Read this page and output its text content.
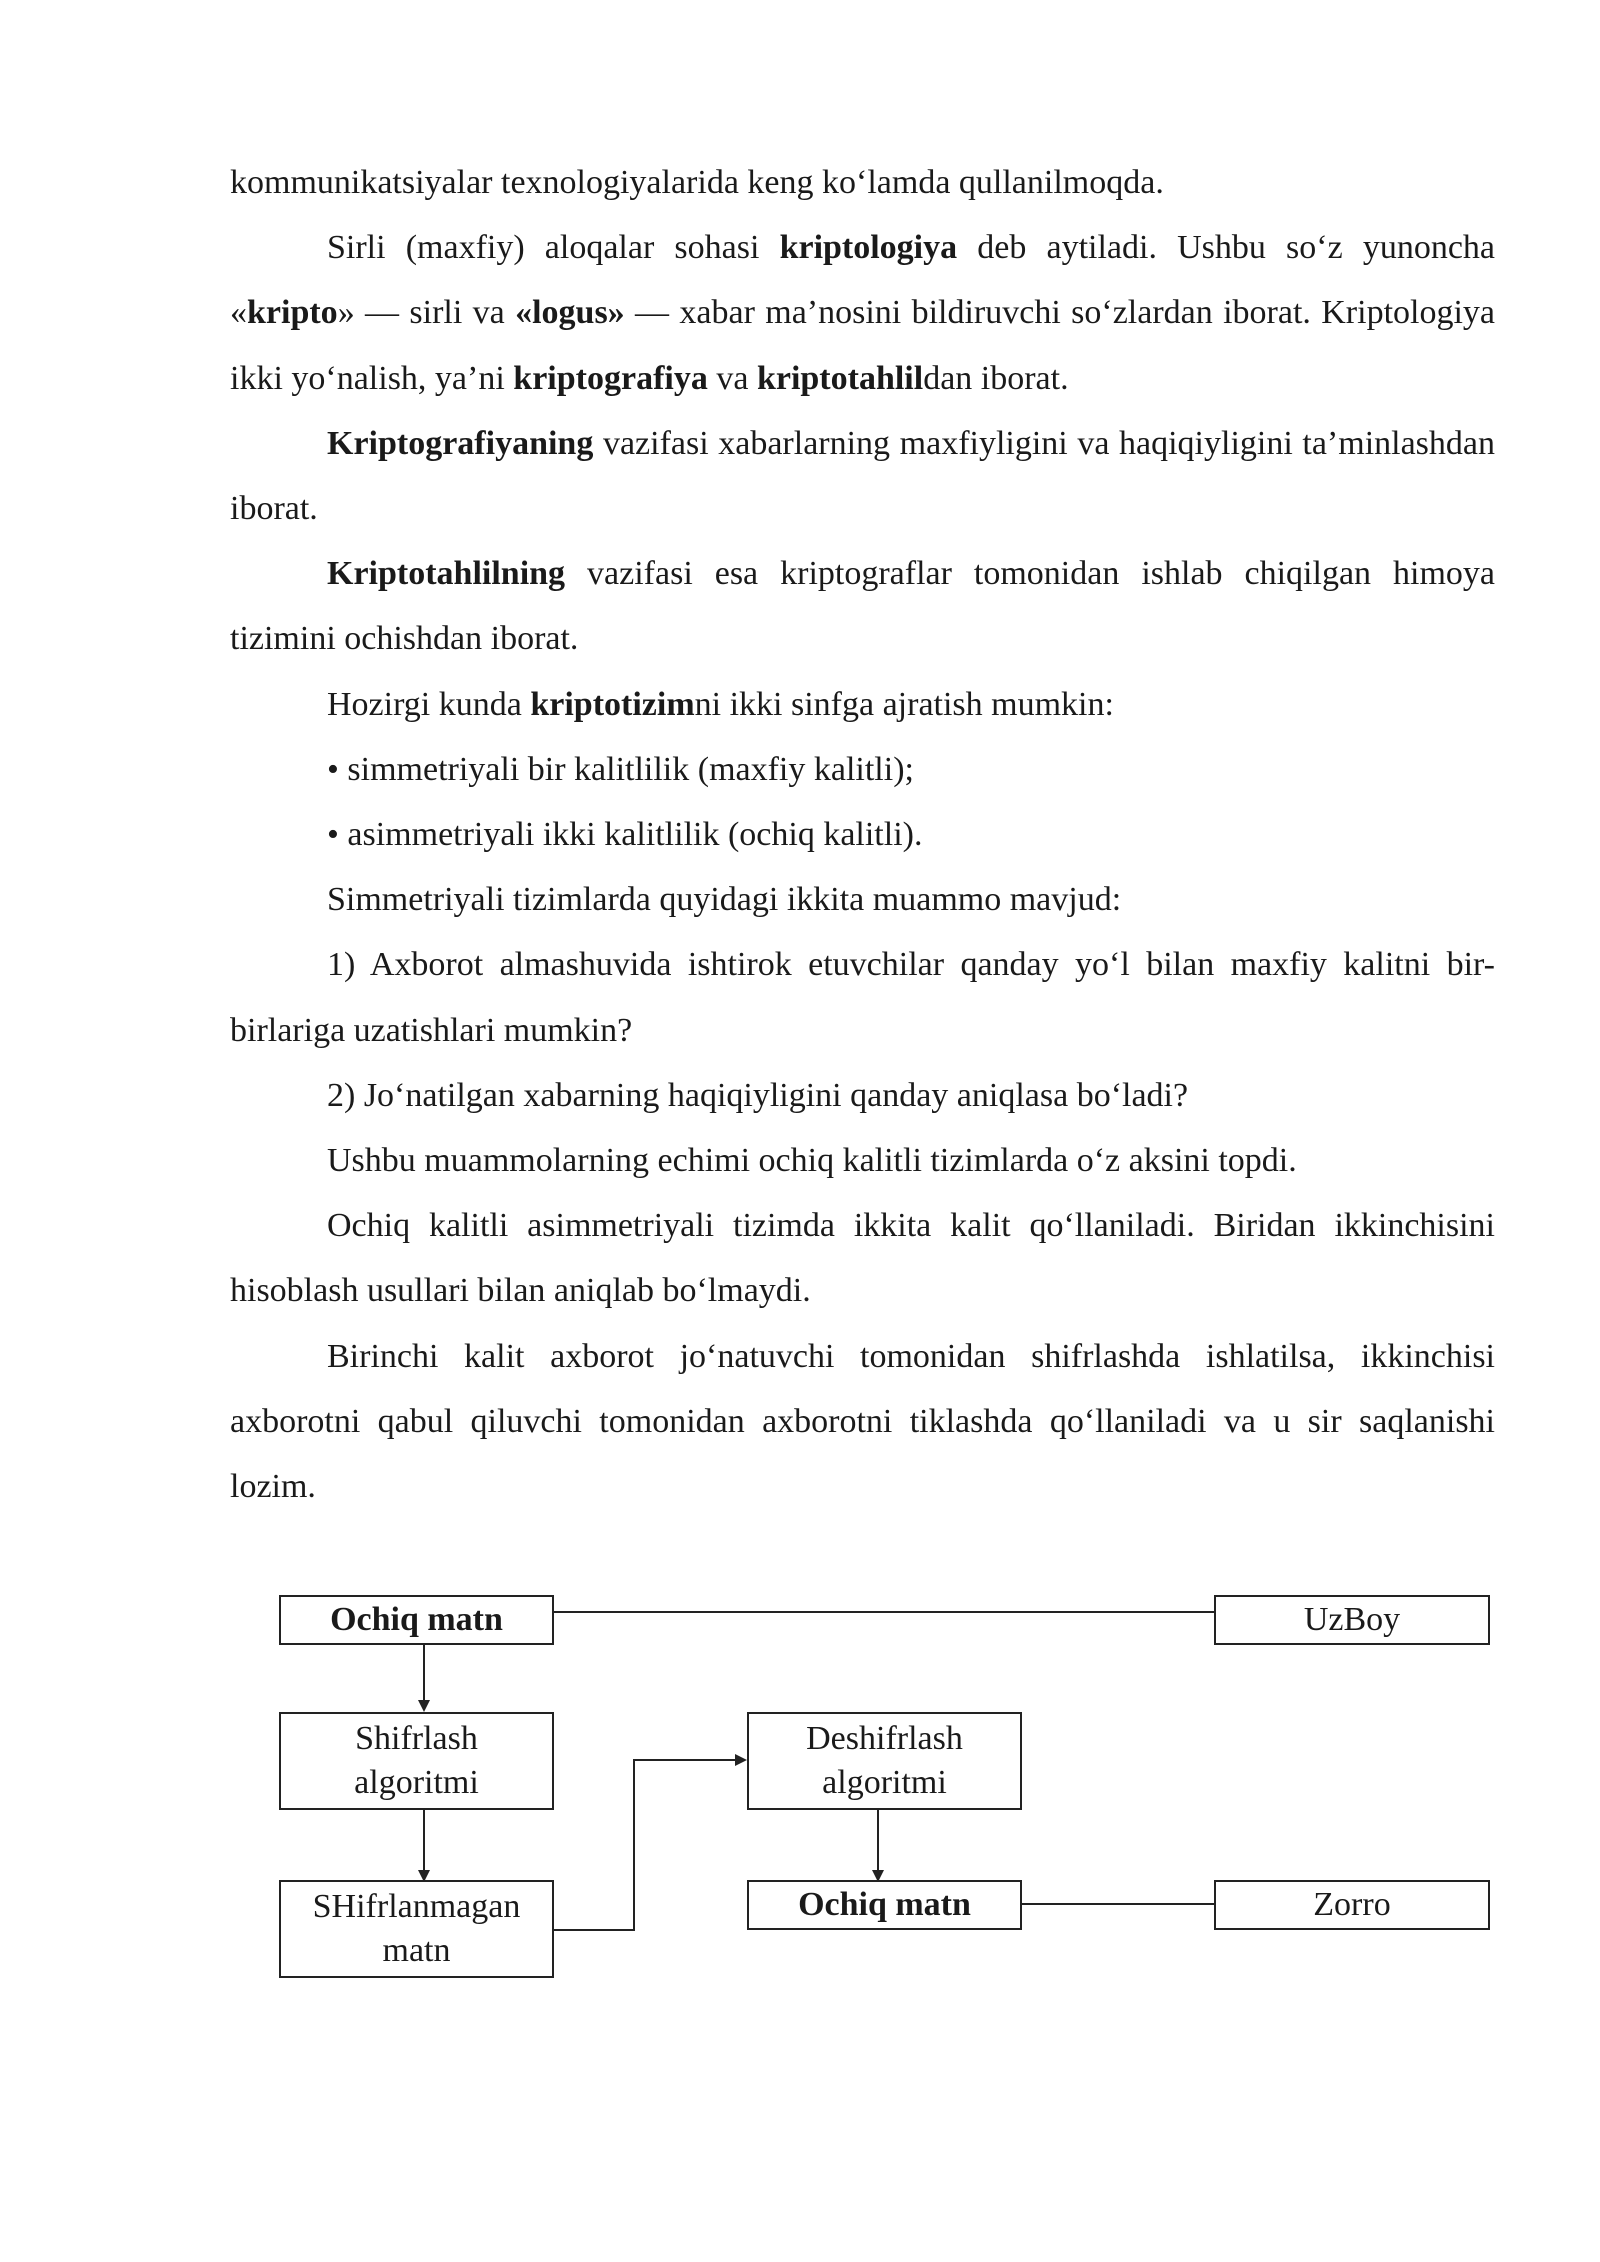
kommunikatsiyalar texnologiyalarida keng ko‘lamda qullanilmoqda.

Sirli (maxfiy) aloqalar sohasi kriptologiya deb aytiladi. Ushbu so‘z yunoncha «kripto» — sirli va «logus» — xabar ma’nosini bildiruvchi so‘zlardan iborat. Kriptologiya ikki yo‘nalish, ya’ni kriptografiya va kriptotahlildan iborat.

Kriptografiyaning vazifasi xabarlarning maxfiyligini va haqiqiyligini ta’minlashdan iborat.

Kriptotahlilning vazifasi esa kriptograflar tomonidan ishlab chiqilgan himoya tizimini ochishdan iborat.

Hozirgi kunda kriptotizimni ikki sinfga ajratish mumkin:

• simmetriyali bir kalitlilik (maxfiy kalitli);

• asimmetriyali ikki kalitlilik (ochiq kalitli).

Simmetriyali tizimlarda quyidagi ikkita muammo mavjud:

1) Axborot almashuvida ishtirok etuvchilar qanday yo‘l bilan maxfiy kalitni bir-birlariga uzatishlari mumkin?

2) Jo‘natilgan xabarning haqiqiyligini qanday aniqlasa bo‘ladi?

Ushbu muammolarning echimi ochiq kalitli tizimlarda o‘z aksini topdi.

Ochiq kalitli asimmetriyali tizimda ikkita kalit qo‘llaniladi. Biridan ikkinchisini hisoblash usullari bilan aniqlab bo‘lmaydi.

Birinchi kalit axborot jo‘natuvchi tomonidan shifrlashda ishlatilsa, ikkinchisi axborotni qabul qiluvchi tomonidan axborotni tiklashda qo‘llaniladi va u sir saqlanishi lozim.

Ochiq matn	UzBoy
Shifrlash algoritmi
Deshifrlash algoritmi
SHifrlanmagan matn
Ochiq matn	Zorro
